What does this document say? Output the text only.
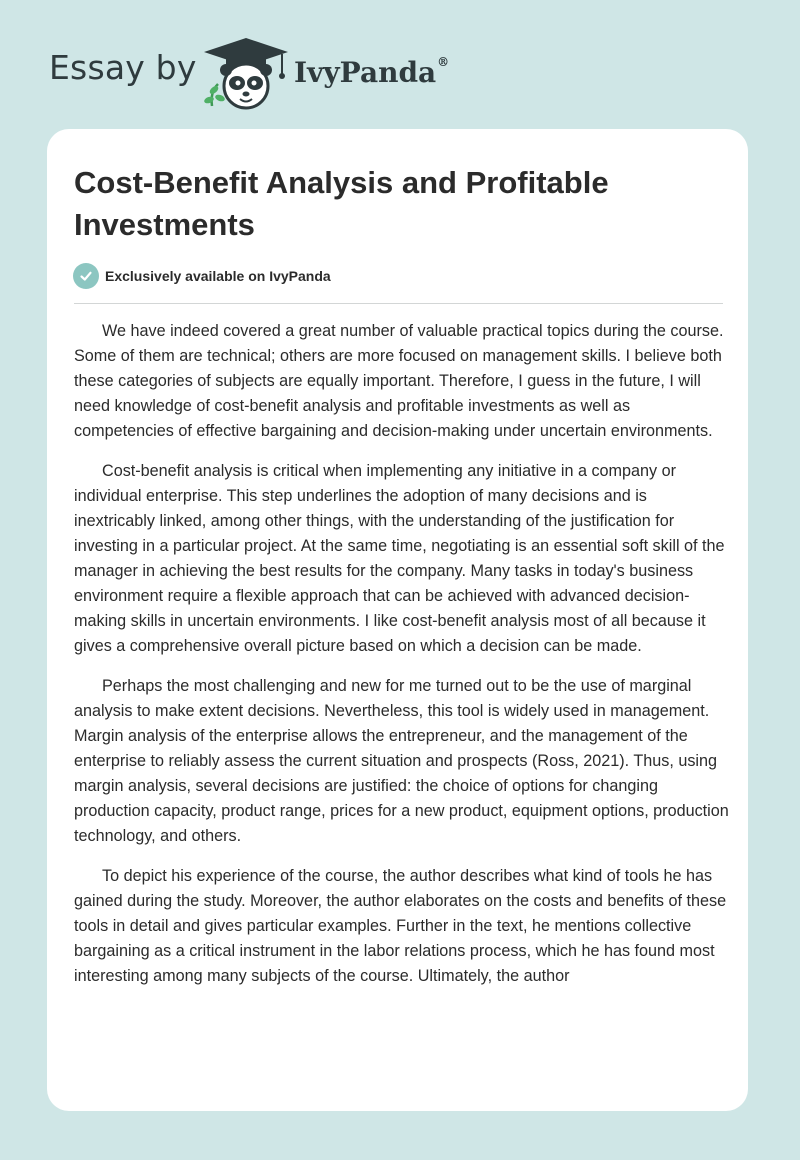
Essay by	IvyPanda®
Cost-Benefit Analysis and Profitable Investments
Exclusively available on IvyPanda

We have indeed covered a great number of valuable practical topics during the course. Some of them are technical; others are more focused on management skills. I believe both these categories of subjects are equally important. Therefore, I guess in the future, I will need knowledge of cost-benefit analysis and profitable investments as well as competencies of effective bargaining and decision-making under uncertain environments.

Cost-benefit analysis is critical when implementing any initiative in a company or individual enterprise. This step underlines the adoption of many decisions and is inextricably linked, among other things, with the understanding of the justification for investing in a particular project. At the same time, negotiating is an essential soft skill of the manager in achieving the best results for the company. Many tasks in today's business environment require a flexible approach that can be achieved with advanced decision-making skills in uncertain environments. I like cost-benefit analysis most of all because it gives a comprehensive overall picture based on which a decision can be made.

Perhaps the most challenging and new for me turned out to be the use of marginal analysis to make extent decisions. Nevertheless, this tool is widely used in management. Margin analysis of the enterprise allows the entrepreneur, and the management of the enterprise to reliably assess the current situation and prospects (Ross, 2021). Thus, using margin analysis, several decisions are justified: the choice of options for changing production capacity, product range, prices for a new product, equipment options, production technology, and others.

To depict his experience of the course, the author describes what kind of tools he has gained during the study. Moreover, the author elaborates on the costs and benefits of these tools in detail and gives particular examples. Further in the text, he mentions collective bargaining as a critical instrument in the labor relations process, which he has found most interesting among many subjects of the course. Ultimately, the author
